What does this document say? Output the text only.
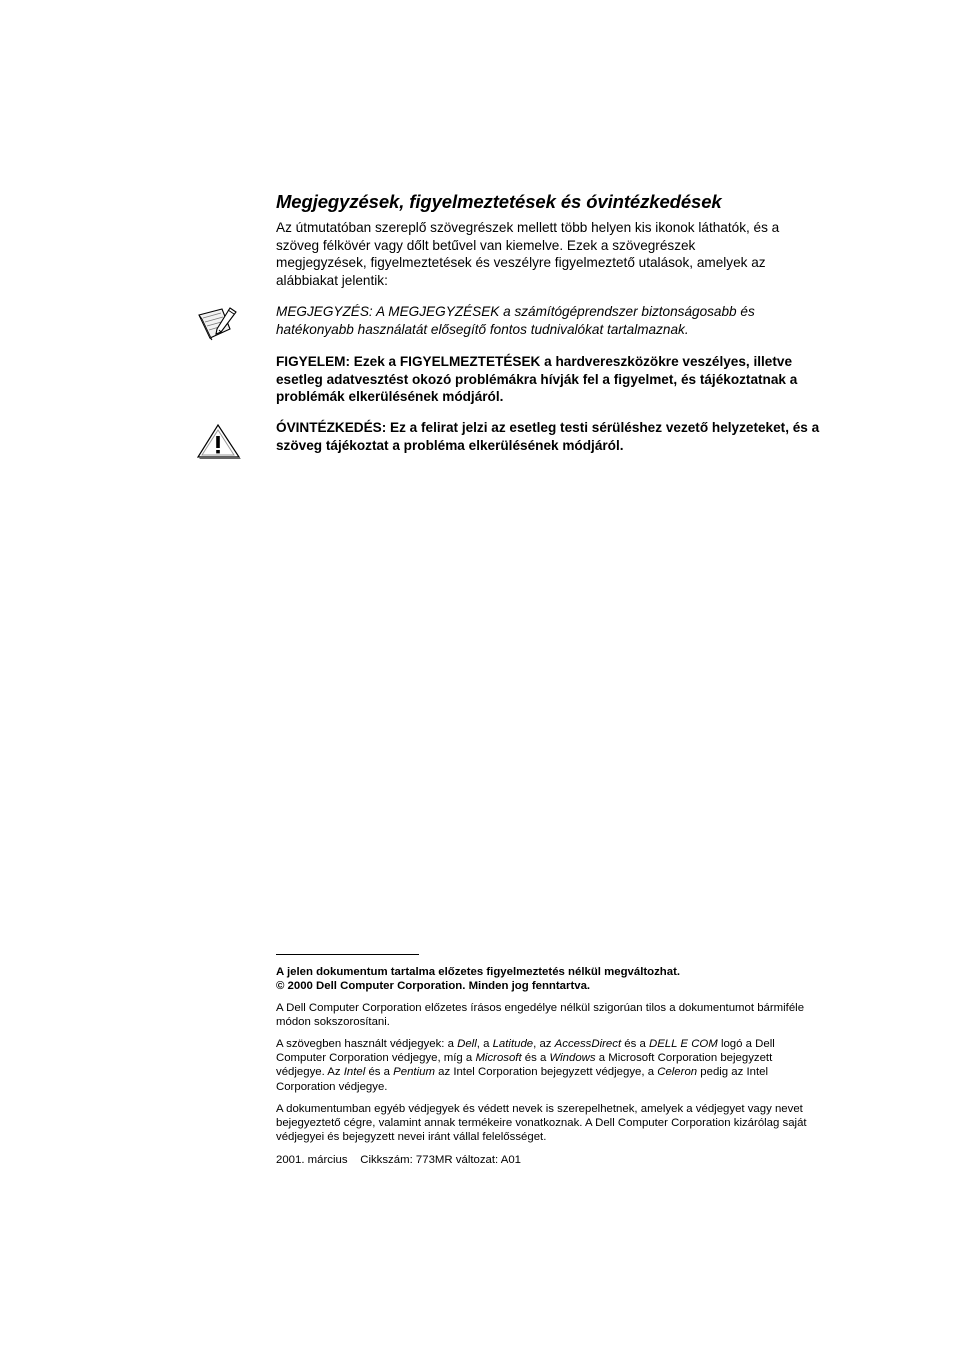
Megjegyzések, figyelmeztetések és óvintézkedések

Az útmutatóban szereplő szövegrészek mellett több helyen kis ikonok láthatók, és a szöveg félkövér vagy dőlt betűvel van kiemelve. Ezek a szövegrészek megjegyzések, figyelmeztetések és veszélyre figyelmeztető utalások, amelyek az alábbiakat jelentik:

MEGJEGYZÉS: A MEGJEGYZÉSEK a számítógéprendszer biztonságosabb és hatékonyabb használatát elősegítő fontos tudnivalókat tartalmaznak.

FIGYELEM: Ezek a FIGYELMEZTETÉSEK a hardvereszközökre veszélyes, illetve esetleg adatvesztést okozó problémákra hívják fel a figyelmet, és tájékoztatnak a problémák elkerülésének módjáról.

ÓVINTÉZKEDÉS: Ez a felirat jelzi az esetleg testi sérüléshez vezető helyzeteket, és a szöveg tájékoztat a probléma elkerülésének módjáról.

A jelen dokumentum tartalma előzetes figyelmeztetés nélkül megváltozhat.
© 2000 Dell Computer Corporation. Minden jog fenntartva.

A Dell Computer Corporation előzetes írásos engedélye nélkül szigorúan tilos a dokumentumot bármiféle módon sokszorosítani.

A szövegben használt védjegyek: a Dell, a Latitude, az AccessDirect és a DELL E COM logó a Dell Computer Corporation védjegye, míg a Microsoft és a Windows a Microsoft Corporation bejegyzett védjegye. Az Intel és a Pentium az Intel Corporation bejegyzett védjegye, a Celeron pedig az Intel Corporation védjegye.

A dokumentumban egyéb védjegyek és védett nevek is szerepelhetnek, amelyek a védjegyet vagy nevet bejegyeztető cégre, valamint annak termékeire vonatkoznak. A Dell Computer Corporation kizárólag saját védjegyei és bejegyzett nevei iránt vállal felelősséget.

2001. március Cikkszám: 773MR változat: A01
